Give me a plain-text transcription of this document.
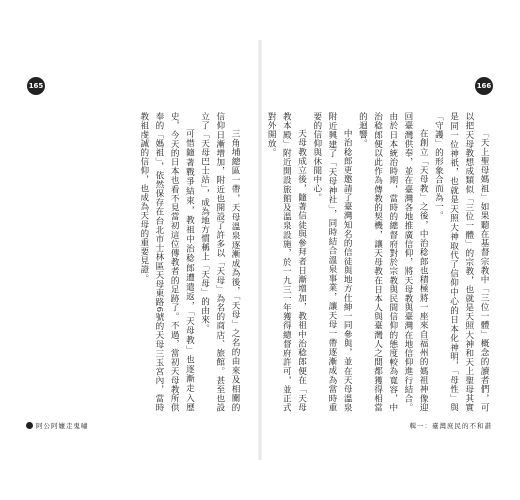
165	166

「天上聖母媽祖」如果聽在基督宗教中「三位一體」概念的讀者們，可以把天母教想成類似「三位一體」的宗教，也就是天照大神和天上聖母其實是同一位神祇，也就是天照大神取代了信仰中心的日本化神明，「母性」與「守護」的形象合而為一。

在創立「天母教」之後，中治稔郎也積極將一座來自福州的媽祖神像迎回臺灣供奉，並在臺灣各地推廣信仰，將天母教與臺灣在地信仰進行結合。由於日本統治時期，當時的總督府對於宗教與民間信仰的態度較為寬容，中治稔郎便以此作為傳教的契機，讓天母教在日本人與臺灣人之間都獲得相當的迴響。

中治稔郎更邀請了臺灣知名的信徒與地方仕紳一同參與，並在天母溫泉附近興建了「天母神社」，同時結合溫泉事業，讓天母一帶逐漸成為當時重要的信仰與休閒中心。

天母教成立後，隨著信徒與參拜者日漸增加，教祖中治稔郎便在「天母教本殿」附近開設旅館及溫泉設施，於一九三一年獲得總督府許可，並正式對外開放。

三角埔總區一帶，天母溫泉逐漸成為後，「天母」之名的由來及相關的信仰日漸增加，附近也開設了許多以「天母」為名的商店、旅館。甚至也設立了「天母巴士站」，成為地方慣稱上「天母」的由來。

可惜隨著戰爭結束，教祖中治稔郎遭遣返，「天母教」也逐漸走入歷史，今天的日本也看不見當初這位傳教者的足跡了。不過，當初天母教所供奉的「媽祖」，依然保存在台北市士林區天母東路6號的天母三玉宮內，當時教祖虔誠的信仰，也成為天母的重要見證。

阿公阿嬤走鬼嘯	輯一：臺灣庶民的不和諧
